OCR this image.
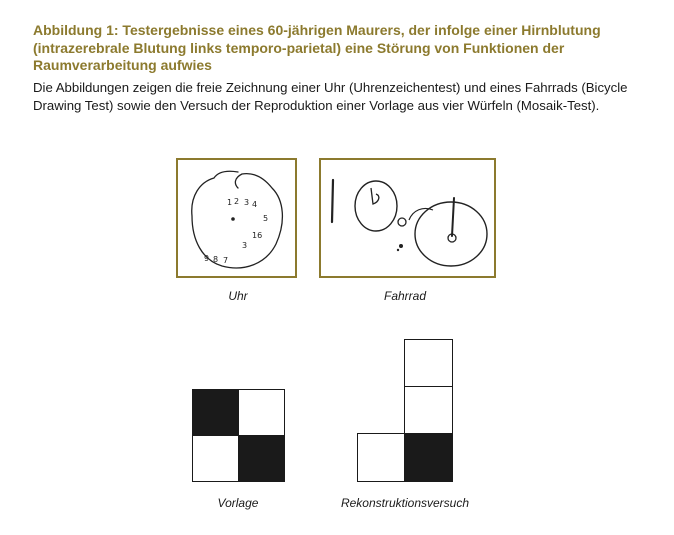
Abbildung 1: Testergebnisse eines 60-jährigen Maurers, der infolge einer Hirnblutung (intrazerebrale Blutung links temporo-parietal) eine Störung von Funktionen der Raumverarbeitung aufwies
Die Abbildungen zeigen die freie Zeichnung einer Uhr (Uhrenzeichentest) und eines Fahrrads (Bicycle Drawing Test) sowie den Versuch der Reproduktion einer Vorlage aus vier Würfeln (Mosaik-Test).
1 2 3 4
5
16
3
7
8
9
Uhr	Fahrrad
Vorlage	Rekonstruktionsversuch
